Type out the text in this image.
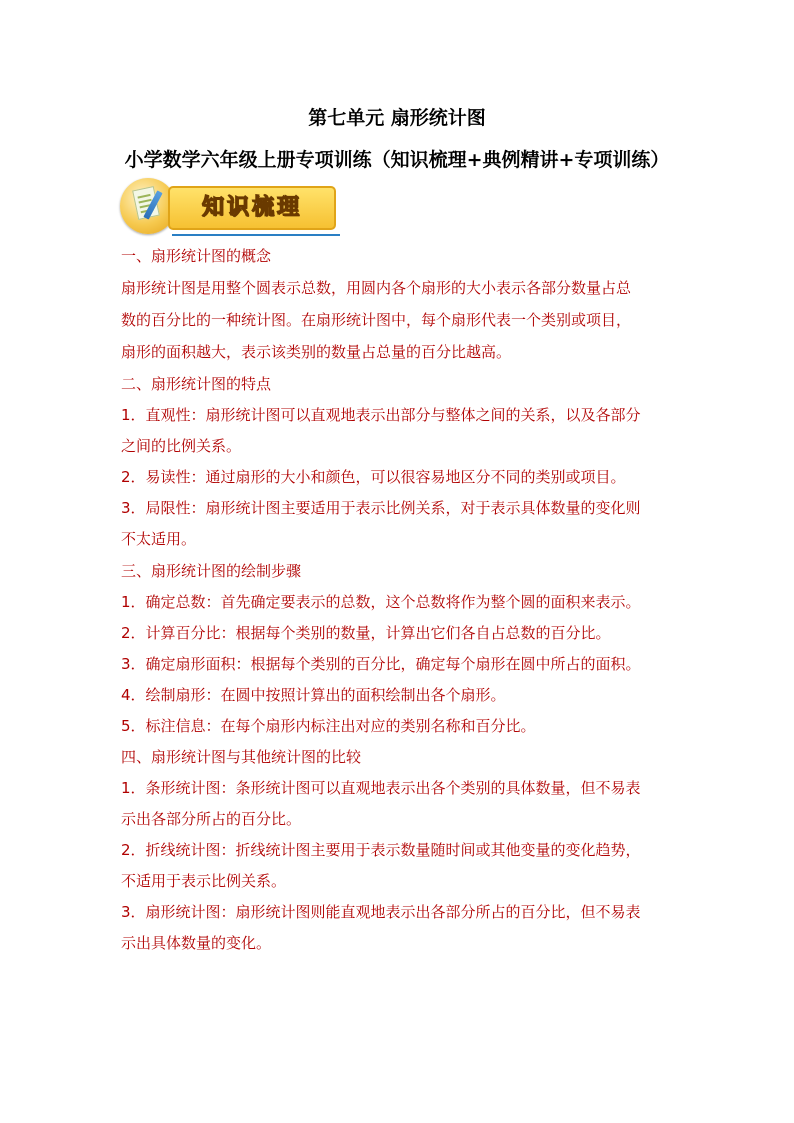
第七单元 扇形统计图
小学数学六年级上册专项训练（知识梳理+典例精讲+专项训练）
知识梳理
一、扇形统计图的概念
扇形统计图是用整个圆表示总数，用圆内各个扇形的大小表示各部分数量占总
数的百分比的一种统计图。在扇形统计图中，每个扇形代表一个类别或项目，
扇形的面积越大，表示该类别的数量占总量的百分比越高。
二、扇形统计图的特点
1．直观性：扇形统计图可以直观地表示出部分与整体之间的关系，以及各部分
之间的比例关系。
2．易读性：通过扇形的大小和颜色，可以很容易地区分不同的类别或项目。
3．局限性：扇形统计图主要适用于表示比例关系，对于表示具体数量的变化则
不太适用。
三、扇形统计图的绘制步骤
1．确定总数：首先确定要表示的总数，这个总数将作为整个圆的面积来表示。
2．计算百分比：根据每个类别的数量，计算出它们各自占总数的百分比。
3．确定扇形面积：根据每个类别的百分比，确定每个扇形在圆中所占的面积。
4．绘制扇形：在圆中按照计算出的面积绘制出各个扇形。
5．标注信息：在每个扇形内标注出对应的类别名称和百分比。
四、扇形统计图与其他统计图的比较
1．条形统计图：条形统计图可以直观地表示出各个类别的具体数量，但不易表
示出各部分所占的百分比。
2．折线统计图：折线统计图主要用于表示数量随时间或其他变量的变化趋势，
不适用于表示比例关系。
3．扇形统计图：扇形统计图则能直观地表示出各部分所占的百分比，但不易表
示出具体数量的变化。
